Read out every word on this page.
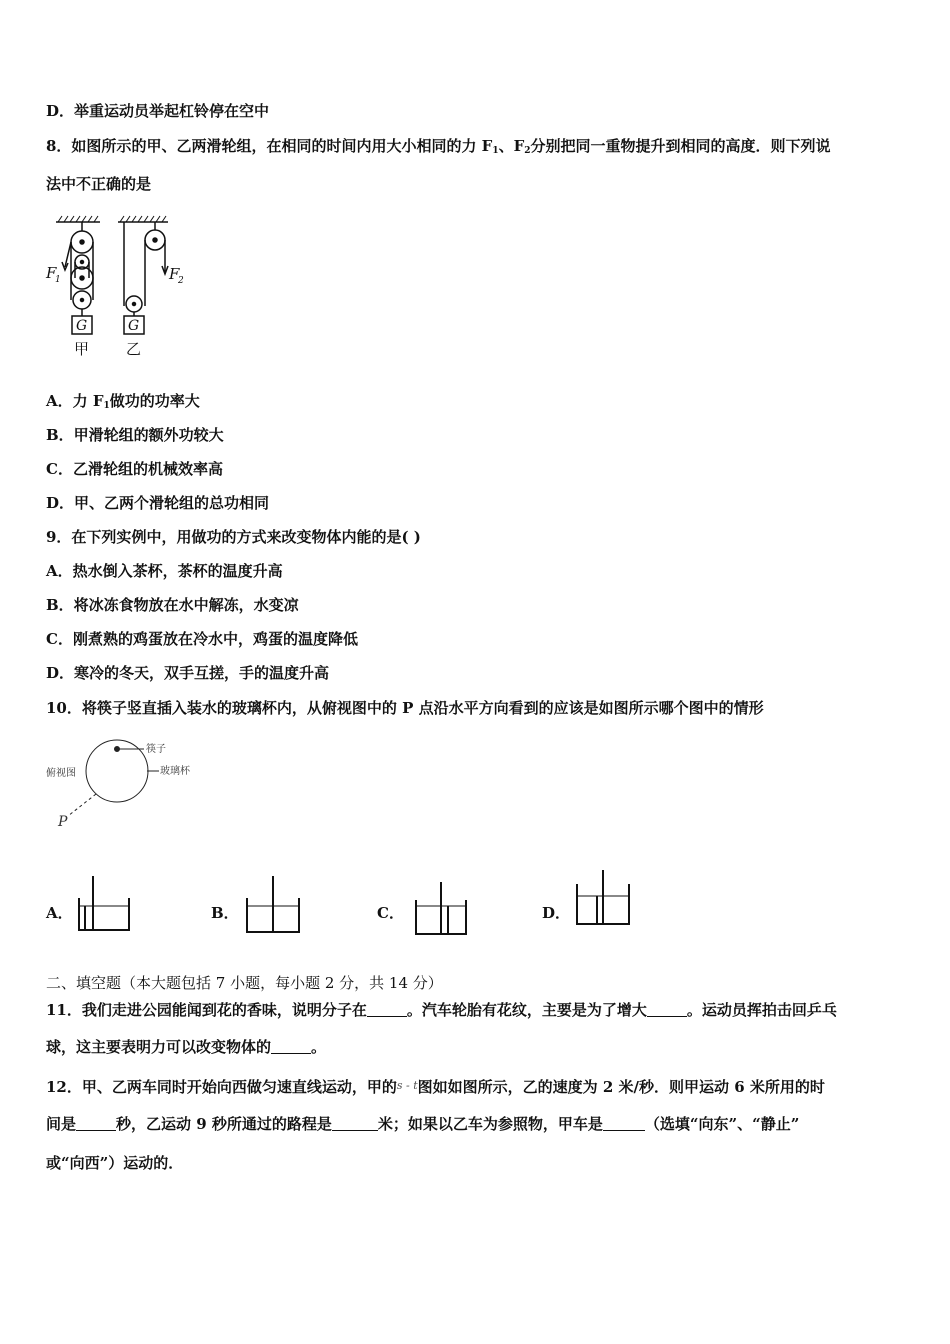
D．举重运动员举起杠铃停在空中
8．如图所示的甲、乙两滑轮组，在相同的时间内用大小相同的力 $F_1$、$F_2$分别把同一重物提升到相同的高度．则下列说
法中不正确的是
F
1	F
2
G	G
甲 乙
A．力 $F_1$做功的功率大
B．甲滑轮组的额外功较大
C．乙滑轮组的机械效率高
D．甲、乙两个滑轮组的总功相同
9．在下列实例中，用做功的方式来改变物体内能的是( )
A．热水倒入茶杯，茶杯的温度升高
B．将冰冻食物放在水中解冻，水变凉
C．刚煮熟的鸡蛋放在冷水中，鸡蛋的温度降低
D．寒冷的冬天，双手互搓，手的温度升高
10．将筷子竖直插入装水的玻璃杯内，从俯视图中的 P 点沿水平方向看到的应该是如图所示哪个图中的情形
俯视图
筷子
玻璃杯
P
A．	B．	C．	D．
二、填空题（本大题包括 7 小题，每小题 2 分，共 14 分）
11．我们走进公园能闻到花的香味，说明分子在	。汽车轮胎有花纹，主要是为了增大	。运动员挥拍击回乒乓
球，这主要表明力可以改变物体的	。
12．甲、乙两车同时开始向西做匀速直线运动，甲的$^{s - t}$图如如图所示，乙的速度为 2 米/秒．则甲运动 6 米所用的时
间是	秒，乙运动 9 秒所通过的路程是	米；如果以乙车为参照物，甲车是	（选填“向东”、“静止”
或“向西”）运动的．
